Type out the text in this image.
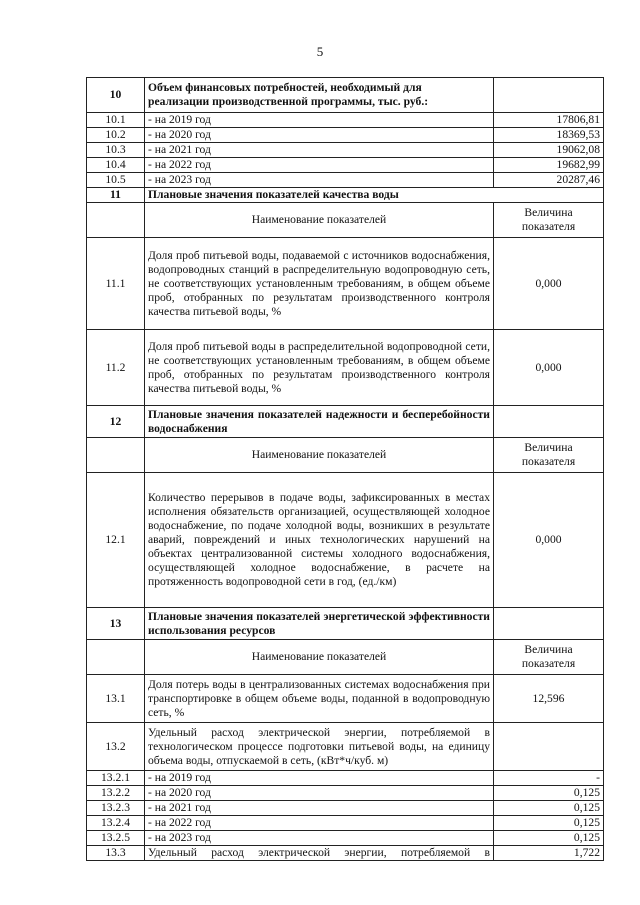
5
10	Объем финансовых потребностей, необходимый для
реализации производственной программы, тыс. руб.:	

10.1	- на 2019 год	17806,81
10.2	- на 2020 год	18369,53
10.3	- на 2021 год	19062,08
10.4	- на 2022 год	19682,99
10.5	- на 2023 год	20287,46
11	Плановые значения показателей качества воды	
	Наименование показателей	Величина
показателя

11.1	Доля проб питьевой воды, подаваемой с источников водоснабжения, водопроводных станций в распределительную водопроводную сеть, не соответствующих установленным требованиям, в общем объеме проб, отобранных по результатам производственного контроля качества питьевой воды, %	0,000
11.2	Доля проб питьевой воды в распределительной водопроводной сети, не соответствующих установленным требованиям, в общем объеме проб, отобранных по результатам производственного контроля качества питьевой воды, %	0,000
12	Плановые значения показателей надежности и бесперебойности
водоснабжения	

	Наименование показателей	Величина
показателя

12.1	Количество перерывов в подаче воды, зафиксированных в местах исполнения обязательств организацией, осуществляющей холодное водоснабжение, по подаче холодной воды, возникших в результате аварий, повреждений и иных технологических нарушений на объектах централизованной системы холодного водоснабжения, осуществляющей холодное водоснабжение, в расчете на протяженность водопроводной сети в год, (ед./км)	0,000
13	Плановые значения показателей энергетической эффективности
использования ресурсов	

	Наименование показателей	Величина
показателя

13.1	Доля потерь воды в централизованных системах водоснабжения при транспортировке в общем объеме воды, поданной в водопроводную сеть, %	12,596
13.2	Удельный расход электрической энергии, потребляемой в технологическом процессе подготовки питьевой воды, на единицу объема воды, отпускаемой в сеть, (кВт*ч/куб. м)	
13.2.1	- на 2019 год	-
13.2.2	- на 2020 год	0,125
13.2.3	- на 2021 год	0,125
13.2.4	- на 2022 год	0,125
13.2.5	- на 2023 год	0,125
13.3	Удельный расход электрической энергии, потребляемой в	1,722
